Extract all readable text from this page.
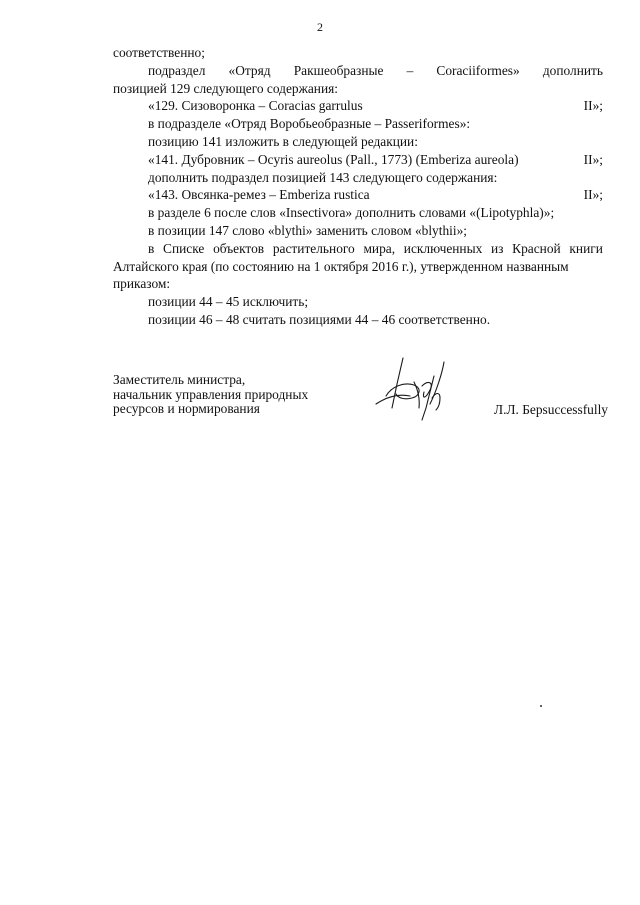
2
соответственно;
подраздел «Отряд Ракшеобразные – Coraciiformes» дополнить
позицией 129 следующего содержания:
«129. Сизоворонка – Coracias garrulus	II»;
в подразделе «Отряд Воробьеобразные – Passeriformes»:
позицию 141 изложить в следующей редакции:
«141. Дубровник – Ocyris aureolus (Pall., 1773) (Emberiza aureola)	II»;
дополнить подраздел позицией 143 следующего содержания:
«143. Овсянка-ремез – Emberiza rustica	II»;
в разделе 6 после слов «Insectivora» дополнить словами «(Lipotyphla)»;
в позиции 147 слово «blythi» заменить словом «blythii»;
в Списке объектов растительного мира, исключенных из Красной книги
Алтайского края (по состоянию на 1 октября 2016 г.), утвержденном названным
приказом:
позиции 44 – 45 исключить;
позиции 46 – 48 считать позициями 44 – 46 соответственно.
Заместитель министра,
начальник управления природных
ресурсов и нормирования	Л.Л. Берsuccessfully
